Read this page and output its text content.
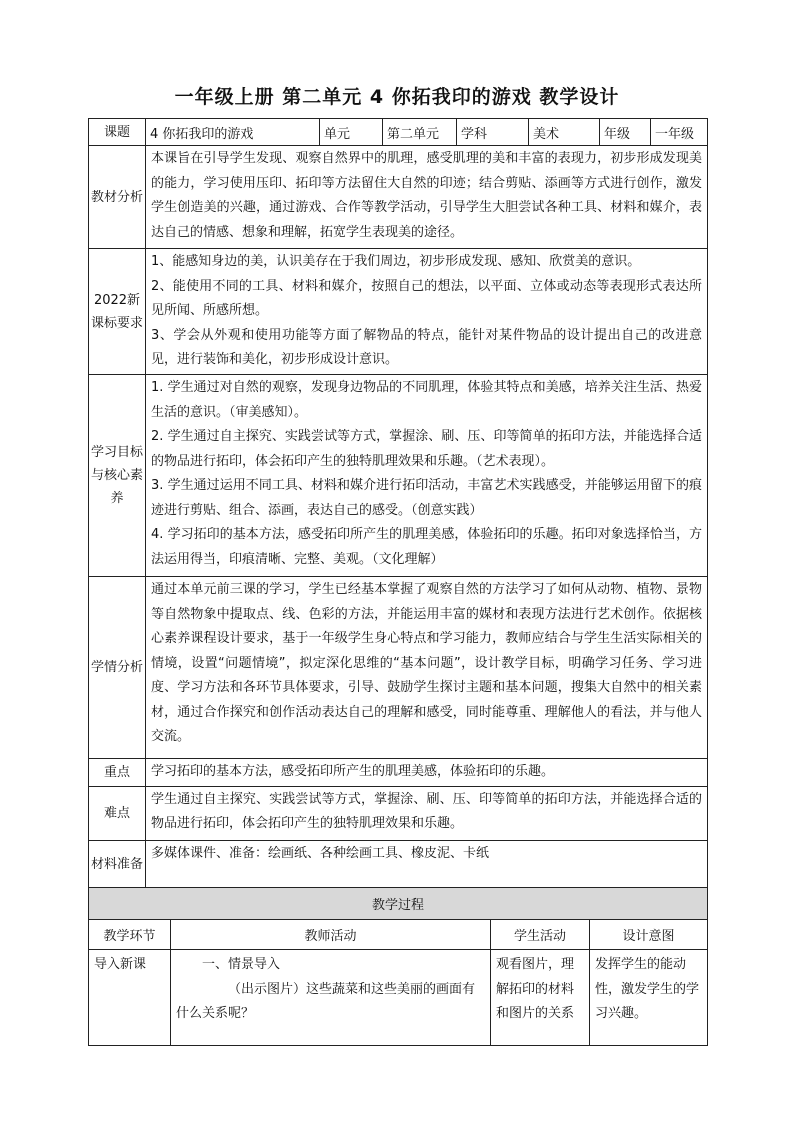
一年级上册 第二单元 4 你拓我印的游戏 教学设计
课题	4 你拓我印的游戏	单元	第二单元	学科	美术	年级	一年级
教材分析	本课旨在引导学生发现、观察自然界中的肌理，感受肌理的美和丰富的表现力，初步形成发现美的能力，学习使用压印、拓印等方法留住大自然的印迹；结合剪贴、添画等方式进行创作，激发学生创造美的兴趣，通过游戏、合作等教学活动，引导学生大胆尝试各种工具、材料和媒介，表达自己的情感、想象和理解，拓宽学生表现美的途径。						
2022新课标要求	1、能感知身边的美，认识美存在于我们周边，初步形成发现、感知、欣赏美的意识。

2、能使用不同的工具、材料和媒介，按照自己的想法，以平面、立体或动态等表现形式表达所见所闻、所感所想。

3、学会从外观和使用功能等方面了解物品的特点，能针对某件物品的设计提出自己的改进意见，进行装饰和美化，初步形成设计意识。						

学习目标与核心素养	1. 学生通过对自然的观察，发现身边物品的不同肌理，体验其特点和美感，培养关注生活、热爱生活的意识。（审美感知）。

2. 学生通过自主探究、实践尝试等方式，掌握涂、刷、压、印等简单的拓印方法，并能选择合适的物品进行拓印，体会拓印产生的独特肌理效果和乐趣。（艺术表现）。

3. 学生通过运用不同工具、材料和媒介进行拓印活动，丰富艺术实践感受，并能够运用留下的痕迹进行剪贴、组合、添画，表达自己的感受。（创意实践）

4. 学习拓印的基本方法，感受拓印所产生的肌理美感，体验拓印的乐趣。拓印对象选择恰当，方法运用得当，印痕清晰、完整、美观。（文化理解）						

学情分析	通过本单元前三课的学习，学生已经基本掌握了观察自然的方法学习了如何从动物、植物、景物等自然物象中提取点、线、色彩的方法，并能运用丰富的媒材和表现方法进行艺术创作。依据核心素养课程设计要求，基于一年级学生身心特点和学习能力，教师应结合与学生生活实际相关的情境，设置“问题情境”，拟定深化思维的“基本问题”，设计教学目标，明确学习任务、学习进度、学习方法和各环节具体要求，引导、鼓励学生探讨主题和基本问题，搜集大自然中的相关素材，通过合作探究和创作活动表达自己的理解和感受，同时能尊重、理解他人的看法，并与他人交流。						
重点	学习拓印的基本方法，感受拓印所产生的肌理美感，体验拓印的乐趣。						
难点	学生通过自主探究、实践尝试等方式，掌握涂、刷、压、印等简单的拓印方法，并能选择合适的物品进行拓印，体会拓印产生的独特肌理效果和乐趣。						
材料准备	多媒体课件、准备：绘画纸、各种绘画工具、橡皮泥、卡纸						
教学过程			
教学环节	教师活动	学生活动	设计意图
导入新课	一、情景导入

（出示图片）这些蔬菜和这些美丽的画面有什么关系呢？	观看图片，理解拓印的材料和图片的关系	发挥学生的能动性，激发学生的学习兴趣。
